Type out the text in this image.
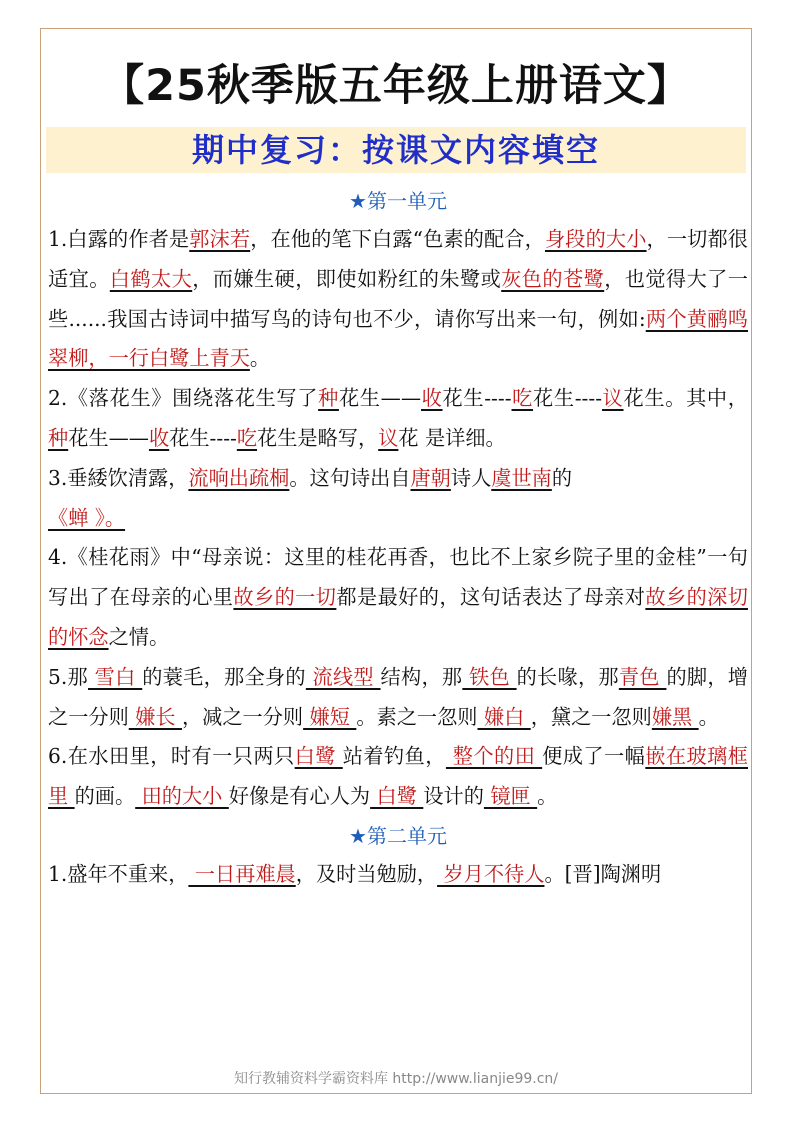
【25秋季版五年级上册语文】
期中复习：按课文内容填空
★第一单元

1.白露的作者是郭沫若，在他的笔下白露“色素的配合，身段的大小，一切都很适宜。白鹤太大，而嫌生硬，即使如粉红的朱鹭或灰色的苍鹭，也觉得大了一些......我国古诗词中描写鸟的诗句也不少，请你写出来一句，例如:两个黄鹂鸣翠柳，一行白鹭上青天。

2.《落花生》围绕落花生写了种花生——收花生----吃花生----议花生。其中， 种花生——收花生----吃花生是略写，议花 是详细。

3.垂緌饮清露，流响出疏桐。这句诗出自唐朝诗人虞世南的
《蝉 》。

4.《桂花雨》中“母亲说：这里的桂花再香，也比不上家乡院子里的金桂”一句写出了在母亲的心里故乡的一切都是最好的，这句话表达了母亲对故乡的深切的怀念之情。

5.那 雪白 的蓑毛，那全身的 流线型 结构，那 铁色 的长喙，那青色 的脚，增之一分则 嫌长 ，减之一分则 嫌短 。素之一忽则 嫌白 ，黛之一忽则嫌黑 。

6.在水田里，时有一只两只白鹭 站着钓鱼， 整个的田 便成了一幅嵌在玻璃框里 的画。 田的大小 好像是有心人为 白鹭 设计的 镜匣 。

★第二单元

1.盛年不重来， 一日再难晨，及时当勉励， 岁月不待人。[晋]陶渊明

知行教辅资料学霸资料库 http://www.lianjie99.cn/
